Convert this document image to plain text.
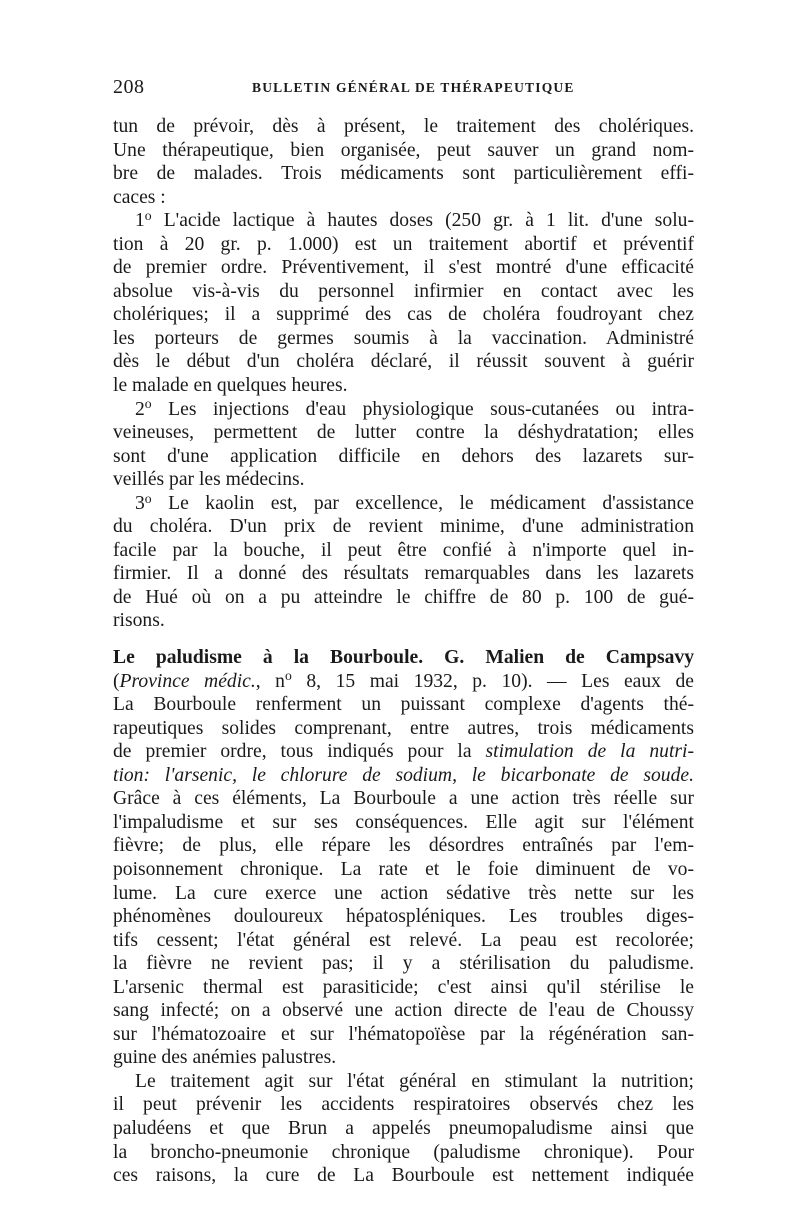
208	BULLETIN GÉNÉRAL DE THÉRAPEUTIQUE
tun de prévoir, dès à présent, le traitement des cholériques.
Une thérapeutique, bien organisée, peut sauver un grand nom-
bre de malades. Trois médicaments sont particulièrement effi-
caces :
1$^o$ L'acide lactique à hautes doses (250 gr. à 1 lit. d'une solu-
tion à 20 gr. p. 1.000) est un traitement abortif et préventif
de premier ordre. Préventivement, il s'est montré d'une efficacité
absolue vis-à-vis du personnel infirmier en contact avec les
cholériques; il a supprimé des cas de choléra foudroyant chez
les porteurs de germes soumis à la vaccination. Administré
dès le début d'un choléra déclaré, il réussit souvent à guérir
le malade en quelques heures.
2$^o$ Les injections d'eau physiologique sous-cutanées ou intra-
veineuses, permettent de lutter contre la déshydratation; elles
sont d'une application difficile en dehors des lazarets sur-
veillés par les médecins.
3$^o$ Le kaolin est, par excellence, le médicament d'assistance
du choléra. D'un prix de revient minime, d'une administration
facile par la bouche, il peut être confié à n'importe quel in-
firmier. Il a donné des résultats remarquables dans les lazarets
de Hué où on a pu atteindre le chiffre de 80 p. 100 de gué-
risons.
Le paludisme à la Bourboule. G. Malien de Campsavy
(Province médic., $n^o$ 8, 15 mai 1932, p. 10). — Les eaux de
La Bourboule renferment un puissant complexe d'agents thé-
rapeutiques solides comprenant, entre autres, trois médicaments
de premier ordre, tous indiqués pour la stimulation de la nutri-
tion: l'arsenic, le chlorure de sodium, le bicarbonate de soude.
Grâce à ces éléments, La Bourboule a une action très réelle sur
l'impaludisme et sur ses conséquences. Elle agit sur l'élément
fièvre; de plus, elle répare les désordres entraînés par l'em-
poisonnement chronique. La rate et le foie diminuent de vo-
lume. La cure exerce une action sédative très nette sur les
phénomènes douloureux hépatospléniques. Les troubles diges-
tifs cessent; l'état général est relevé. La peau est recolorée;
la fièvre ne revient pas; il y a stérilisation du paludisme.
L'arsenic thermal est parasiticide; c'est ainsi qu'il stérilise le
sang infecté; on a observé une action directe de l'eau de Choussy
sur l'hématozoaire et sur l'hématopoïèse par la régénération san-
guine des anémies palustres.
Le traitement agit sur l'état général en stimulant la nutrition;
il peut prévenir les accidents respiratoires observés chez les
paludéens et que Brun a appelés pneumopaludisme ainsi que
la broncho-pneumonie chronique (paludisme chronique). Pour
ces raisons, la cure de La Bourboule est nettement indiquée
